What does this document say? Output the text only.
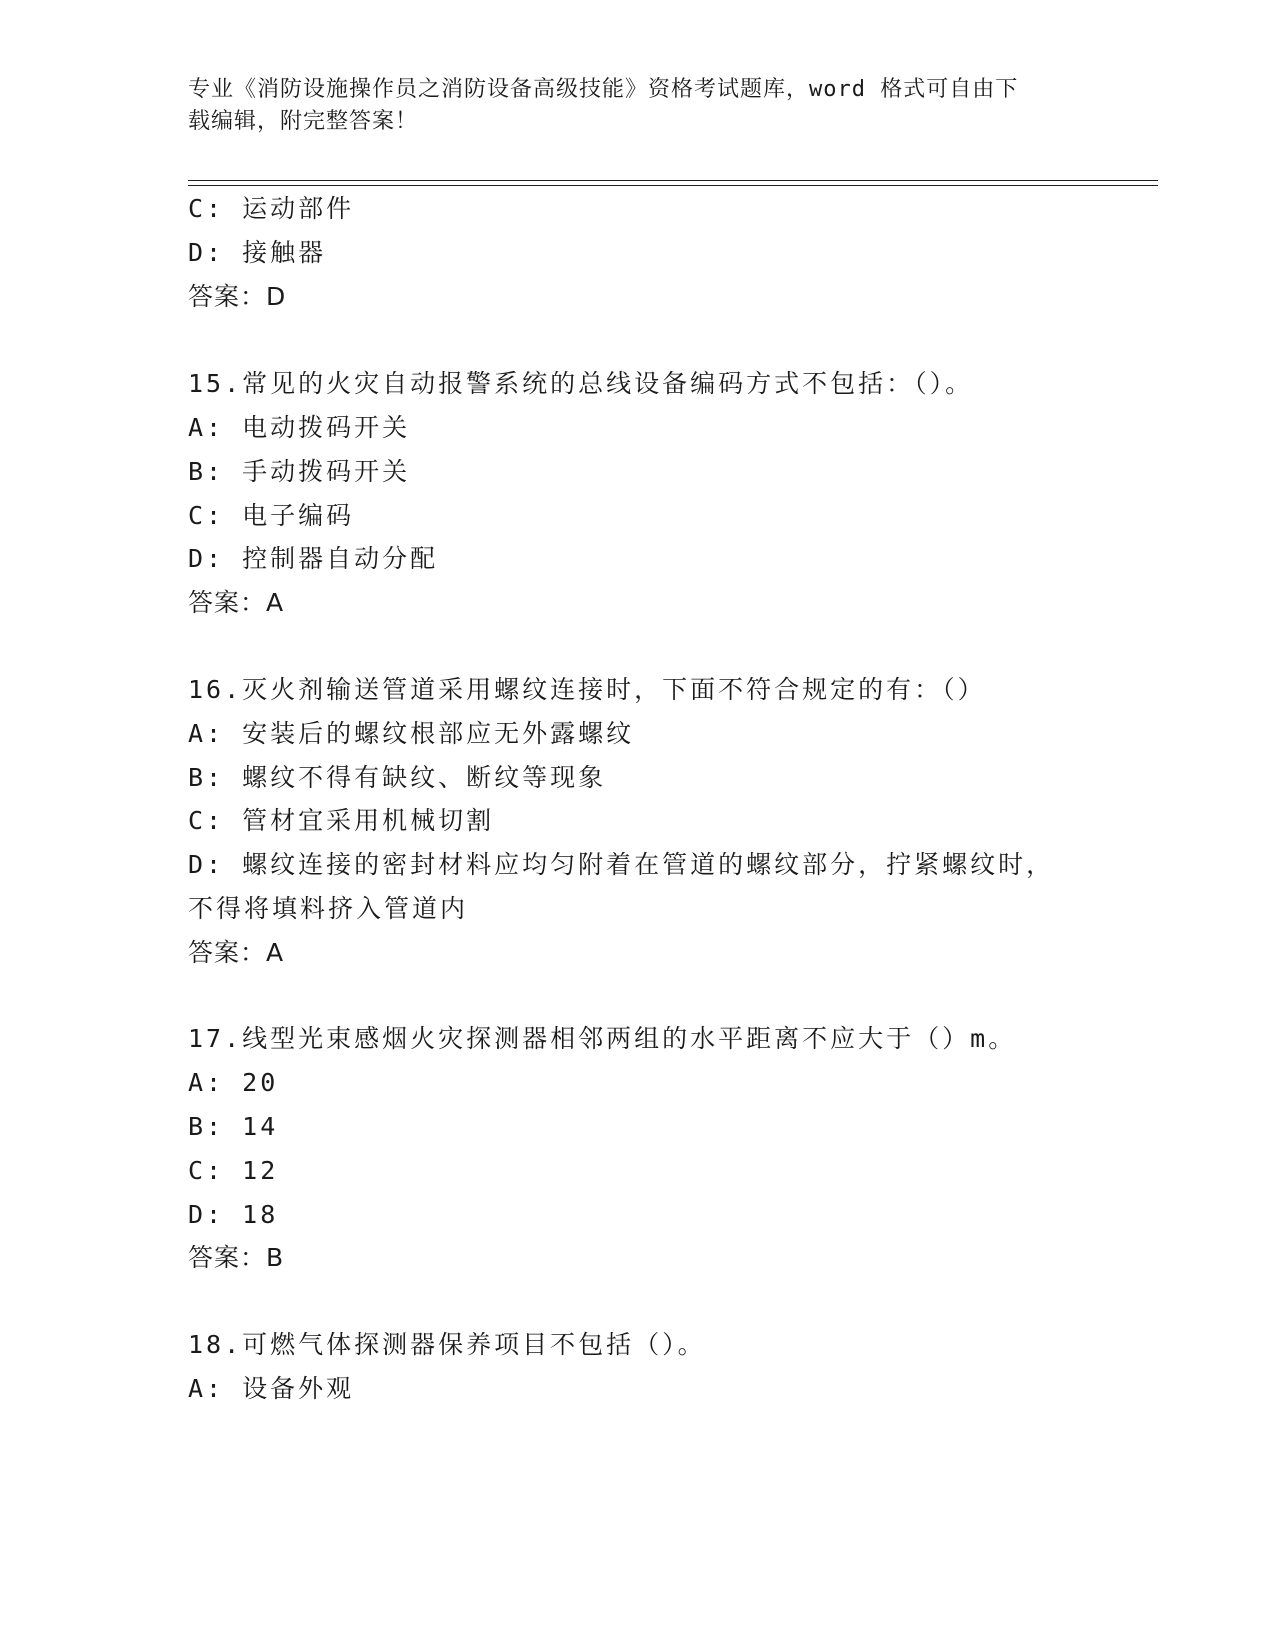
专业《消防设施操作员之消防设备高级技能》资格考试题库，word 格式可自由下
载编辑，附完整答案！
C: 运动部件
D: 接触器
答案：D
15.常见的火灾自动报警系统的总线设备编码方式不包括：（）。
A: 电动拨码开关
B: 手动拨码开关
C: 电子编码
D: 控制器自动分配
答案：A
16.灭火剂输送管道采用螺纹连接时，下面不符合规定的有：（）
A: 安装后的螺纹根部应无外露螺纹
B: 螺纹不得有缺纹、断纹等现象
C: 管材宜采用机械切割
D: 螺纹连接的密封材料应均匀附着在管道的螺纹部分，拧紧螺纹时，
不得将填料挤入管道内
答案：A
17.线型光束感烟火灾探测器相邻两组的水平距离不应大于（）m。
A: 20
B: 14
C: 12
D: 18
答案：B
18.可燃气体探测器保养项目不包括（）。
A: 设备外观
